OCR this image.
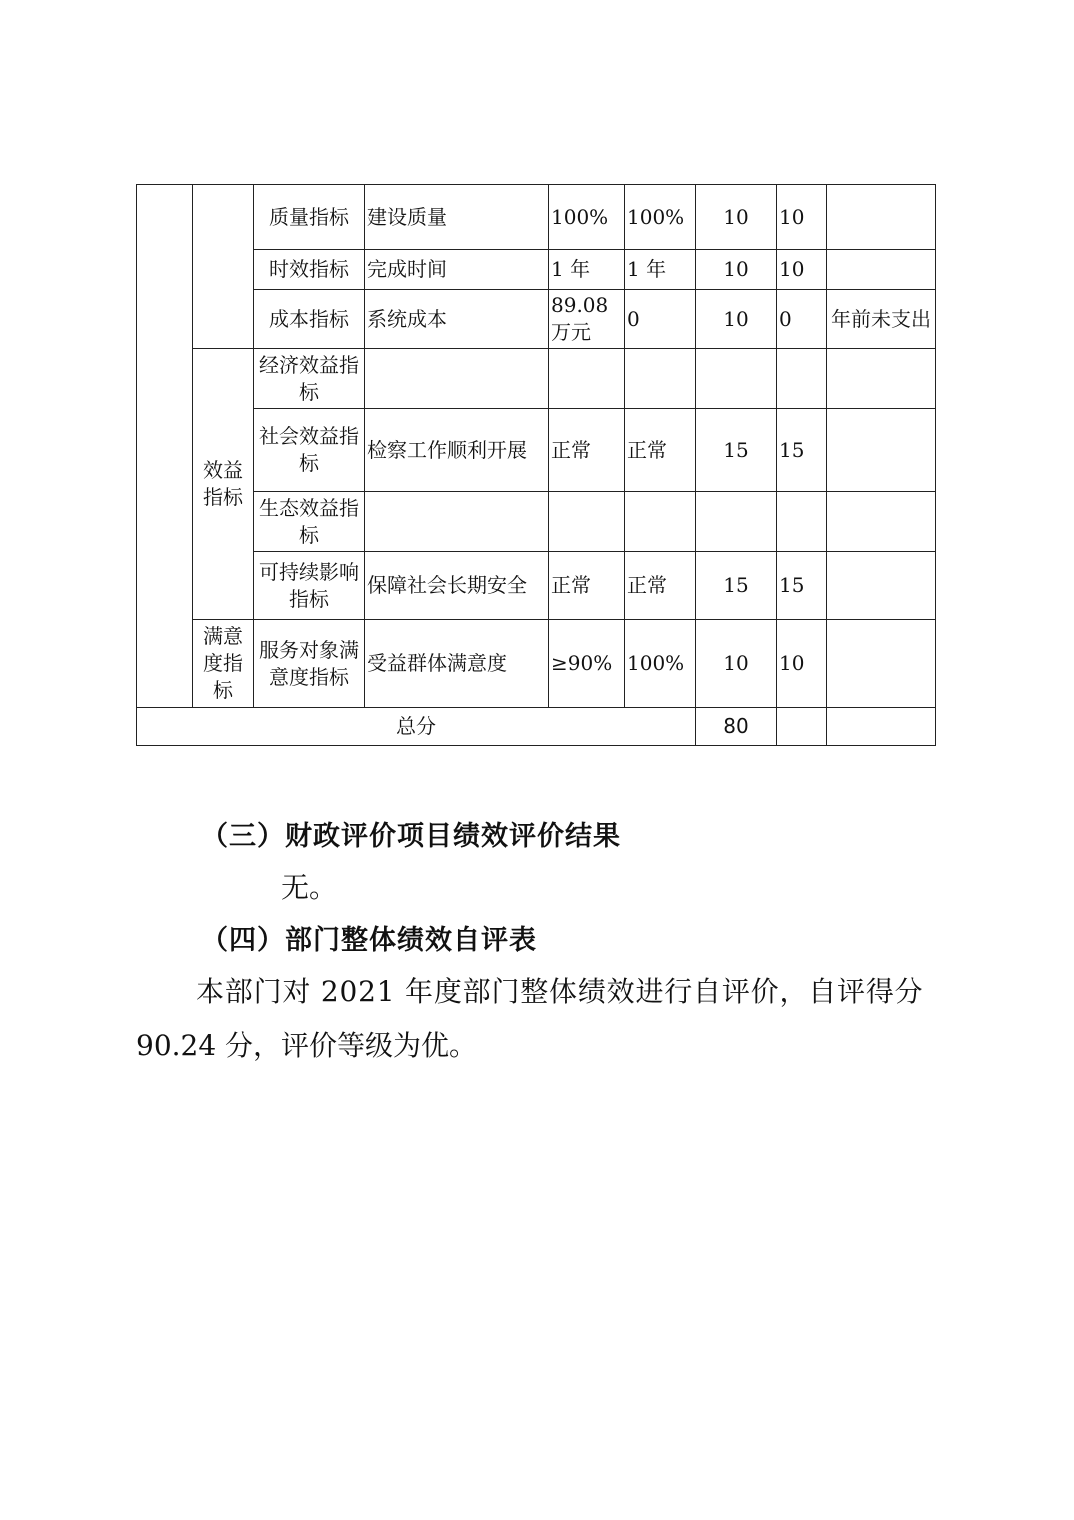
		质量指标	建设质量	100%	100%	10	10	
		时效指标	完成时间	1 年	1 年	10	10	
		成本指标	系统成本	89.08 万元	0	10	0	年前未支出
	效益指标	经济效益指标						
		社会效益指标	检察工作顺利开展	正常	正常	15	15	
		生态效益指标						
		可持续影响指标	保障社会长期安全	正常	正常	15	15	
	满意度指标	服务对象满意度指标	受益群体满意度	≥90%	100%	10	10	
总分						80		

（三）财政评价项目绩效评价结果

无。

（四）部门整体绩效自评表

本部门对 2021 年度部门整体绩效进行自评价，自评得分

90.24 分，评价等级为优。
